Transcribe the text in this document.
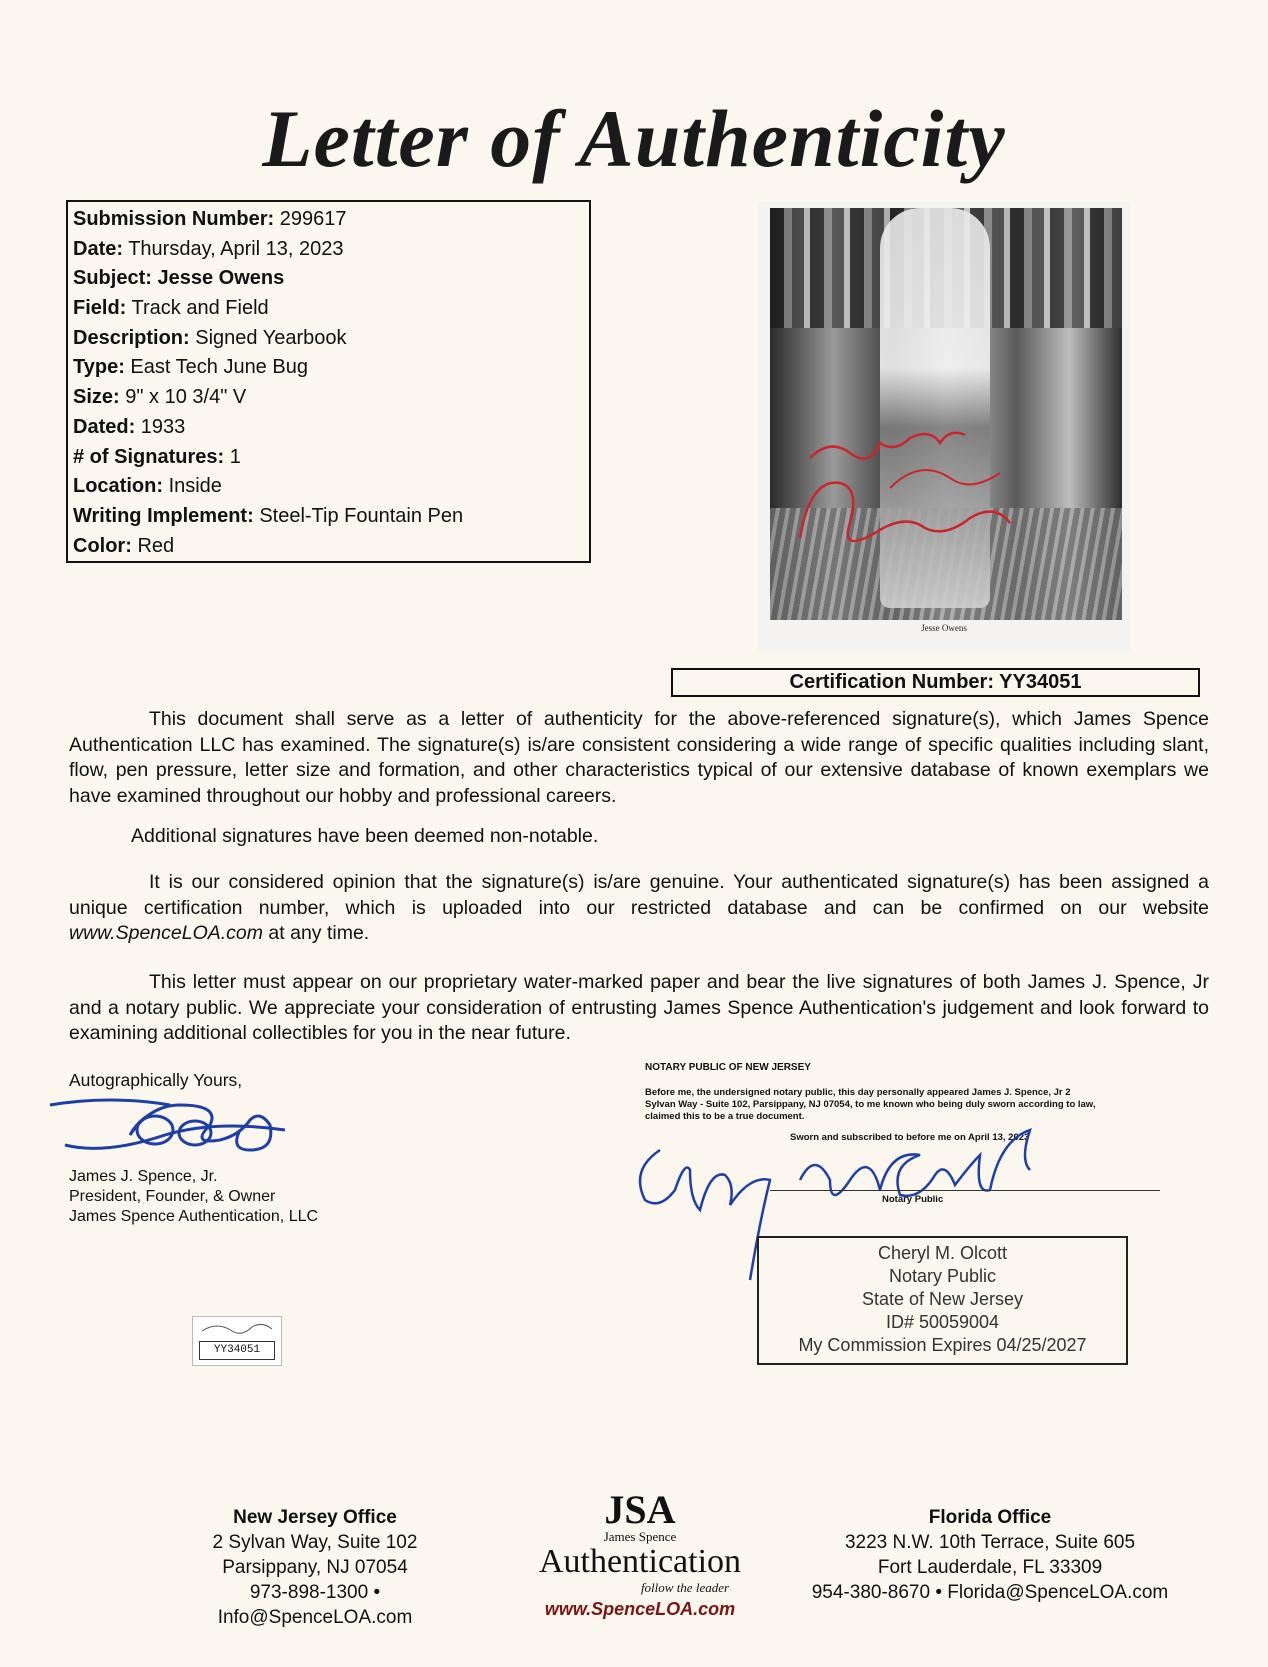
Letter of Authenticity
Submission Number: 299617
Date: Thursday, April 13, 2023
Subject: Jesse Owens
Field: Track and Field
Description: Signed Yearbook
Type: East Tech June Bug
Size: 9" x 10 3/4" V
Dated: 1933
# of Signatures: 1
Location: Inside
Writing Implement: Steel-Tip Fountain Pen
Color: Red
Jesse Owens
Certification Number: YY34051

This document shall serve as a letter of authenticity for the above-referenced signature(s), which James Spence Authentication LLC has examined. The signature(s) is/are consistent considering a wide range of specific qualities including slant, flow, pen pressure, letter size and formation, and other characteristics typical of our extensive database of known exemplars we have examined throughout our hobby and professional careers.

Additional signatures have been deemed non-notable.

It is our considered opinion that the signature(s) is/are genuine. Your authenticated signature(s) has been assigned a unique certification number, which is uploaded into our restricted database and can be confirmed on our website www.SpenceLOA.com at any time.

This letter must appear on our proprietary water-marked paper and bear the live signatures of both James J. Spence, Jr and a notary public. We appreciate your consideration of entrusting James Spence Authentication's judgement and look forward to examining additional collectibles for you in the near future.

Autographically Yours,
James J. Spence, Jr.
President, Founder, & Owner
James Spence Authentication, LLC
NOTARY PUBLIC OF NEW JERSEY

Before me, the undersigned notary public, this day personally appeared James J. Spence, Jr 2 Sylvan Way - Suite 102, Parsippany, NJ 07054, to me known who being duly sworn according to law, claimed this to be a true document.

Sworn and subscribed to before me on April 13, 2023
Notary Public
Cheryl M. Olcott
Notary Public
State of New Jersey
ID# 50059004
My Commission Expires 04/25/2027
YY34051
New Jersey Office
2 Sylvan Way, Suite 102
Parsippany, NJ 07054
973-898-1300 • Info@SpenceLOA.com
JSA
James Spence
Authentication
follow the leader
www.SpenceLOA.com
Florida Office
3223 N.W. 10th Terrace, Suite 605
Fort Lauderdale, FL 33309
954-380-8670 • Florida@SpenceLOA.com
